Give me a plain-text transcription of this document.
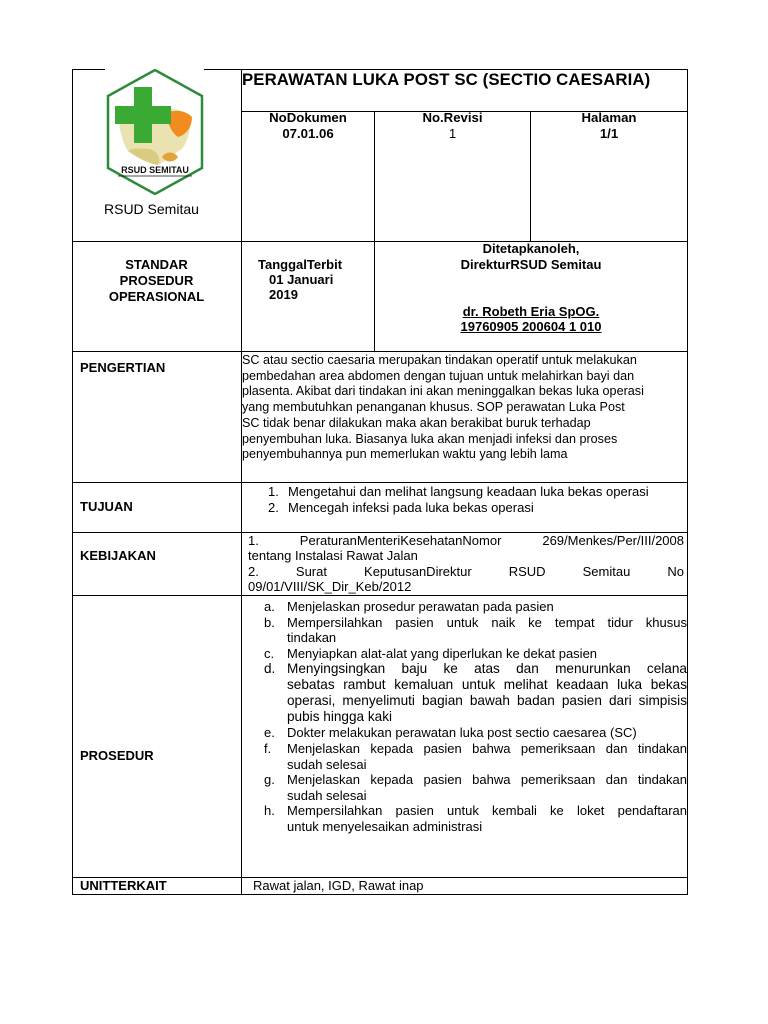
RSUD SEMITAU
RSUD Semitau
PERAWATAN LUKA POST SC (SECTIO CAESARIA)
NoDokumen
07.01.06
No.Revisi
1
Halaman
1/1
STANDAR
PROSEDUR
OPERASIONAL
TanggalTerbit
01 Januari
2019
Ditetapkanoleh,
DirekturRSUD Semitau
dr. Robeth Eria SpOG.
19760905 200604 1 010
PENGERTIAN	SC atau sectio caesaria merupakan tindakan operatif untuk melakukan
pembedahan area abdomen dengan tujuan untuk melahirkan bayi dan
plasenta. Akibat dari tindakan ini akan meninggalkan bekas luka operasi
yang membutuhkan penanganan khusus. SOP perawatan Luka Post
SC tidak benar dilakukan maka akan berakibat buruk terhadap
penyembuhan luka. Biasanya luka akan menjadi infeksi dan proses
penyembuhannya pun memerlukan waktu yang lebih lama
TUJUAN
1. Mengetahui dan melihat langsung keadaan luka bekas operasi
2. Mencegah infeksi pada luka bekas operasi
KEBIJAKAN
1. PeraturanMenteriKesehatanNomor 269/Menkes/Per/III/2008
tentang Instalasi Rawat Jalan
2. Surat KeputusanDirektur RSUD Semitau No
09/01/VIII/SK_Dir_Keb/2012
PROSEDUR
a. Menjelaskan prosedur perawatan pada pasien
b. Mempersilahkan pasien untuk naik ke tempat tidur khusus
tindakan
c. Menyiapkan alat-alat yang diperlukan ke dekat pasien
d. Menyingsingkan baju ke atas dan menurunkan celana
sebatas rambut kemaluan untuk melihat keadaan luka bekas
operasi, menyelimuti bagian bawah badan pasien dari simpisis
pubis hingga kaki
e. Dokter melakukan perawatan luka post sectio caesarea (SC)
f. Menjelaskan kepada pasien bahwa pemeriksaan dan tindakan
sudah selesai
g. Menjelaskan kepada pasien bahwa pemeriksaan dan tindakan
sudah selesai
h. Mempersilahkan pasien untuk kembali ke loket pendaftaran
untuk menyelesaikan administrasi
UNITTERKAIT	Rawat jalan, IGD, Rawat inap
